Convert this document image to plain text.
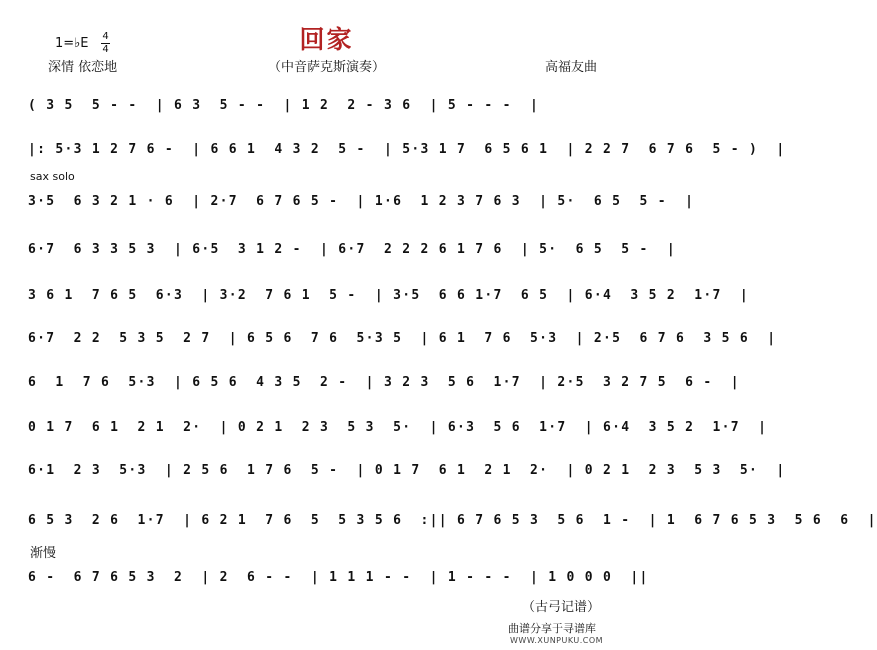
回家
1=♭E 4
4
深情 依恋地	（中音萨克斯演奏）	高福友曲
( 3 5  5 - -  | 6 3  5 - -  | 1 2  2 - 3 6  | 5 - - -  |
|: 5·3 1 2 7 6 -  | 6 6 1  4 3 2  5 -  | 5·3 1 7  6 5 6 1  | 2 2 7  6 7 6  5 - )  |
sax solo
3·5  6 3 2 1 · 6  | 2·7  6 7 6 5 -  | 1·6  1 2 3 7 6 3  | 5·  6 5  5 -  |
6·7  6 3 3 5 3  | 6·5  3 1 2 -  | 6·7  2 2 2 6 1 7 6  | 5·  6 5  5 -  |
3 6 1  7 6 5  6·3  | 3·2  7 6 1  5 -  | 3·5  6 6 1·7  6 5  | 6·4  3 5 2  1·7  |
6·7  2 2  5 3 5  2 7  | 6 5 6  7 6  5·3 5  | 6 1  7 6  5·3  | 2·5  6 7 6  3 5 6  |
6  1  7 6  5·3  | 6 5 6  4 3 5  2 -  | 3 2 3  5 6  1·7  | 2·5  3 2 7 5  6 -  |
0 1 7  6 1  2 1  2·  | 0 2 1  2 3  5 3  5·  | 6·3  5 6  1·7  | 6·4  3 5 2  1·7  |
6·1  2 3  5·3  | 2 5 6  1 7 6  5 -  | 0 1 7  6 1  2 1  2·  | 0 2 1  2 3  5 3  5·  |
6 5 3  2 6  1·7  | 6 2 1  7 6  5  5 3 5 6  :|| 6 7 6 5 3  5 6  1 -  | 1  6 7 6 5 3  5 6  6  |
渐慢
6 -  6 7 6 5 3  2  | 2  6 - -  | 1 1 1 - -  | 1 - - -  | 1 0 0 0  ||
（古弓记谱）
曲谱分享于寻谱库
WWW.XUNPUKU.COM
